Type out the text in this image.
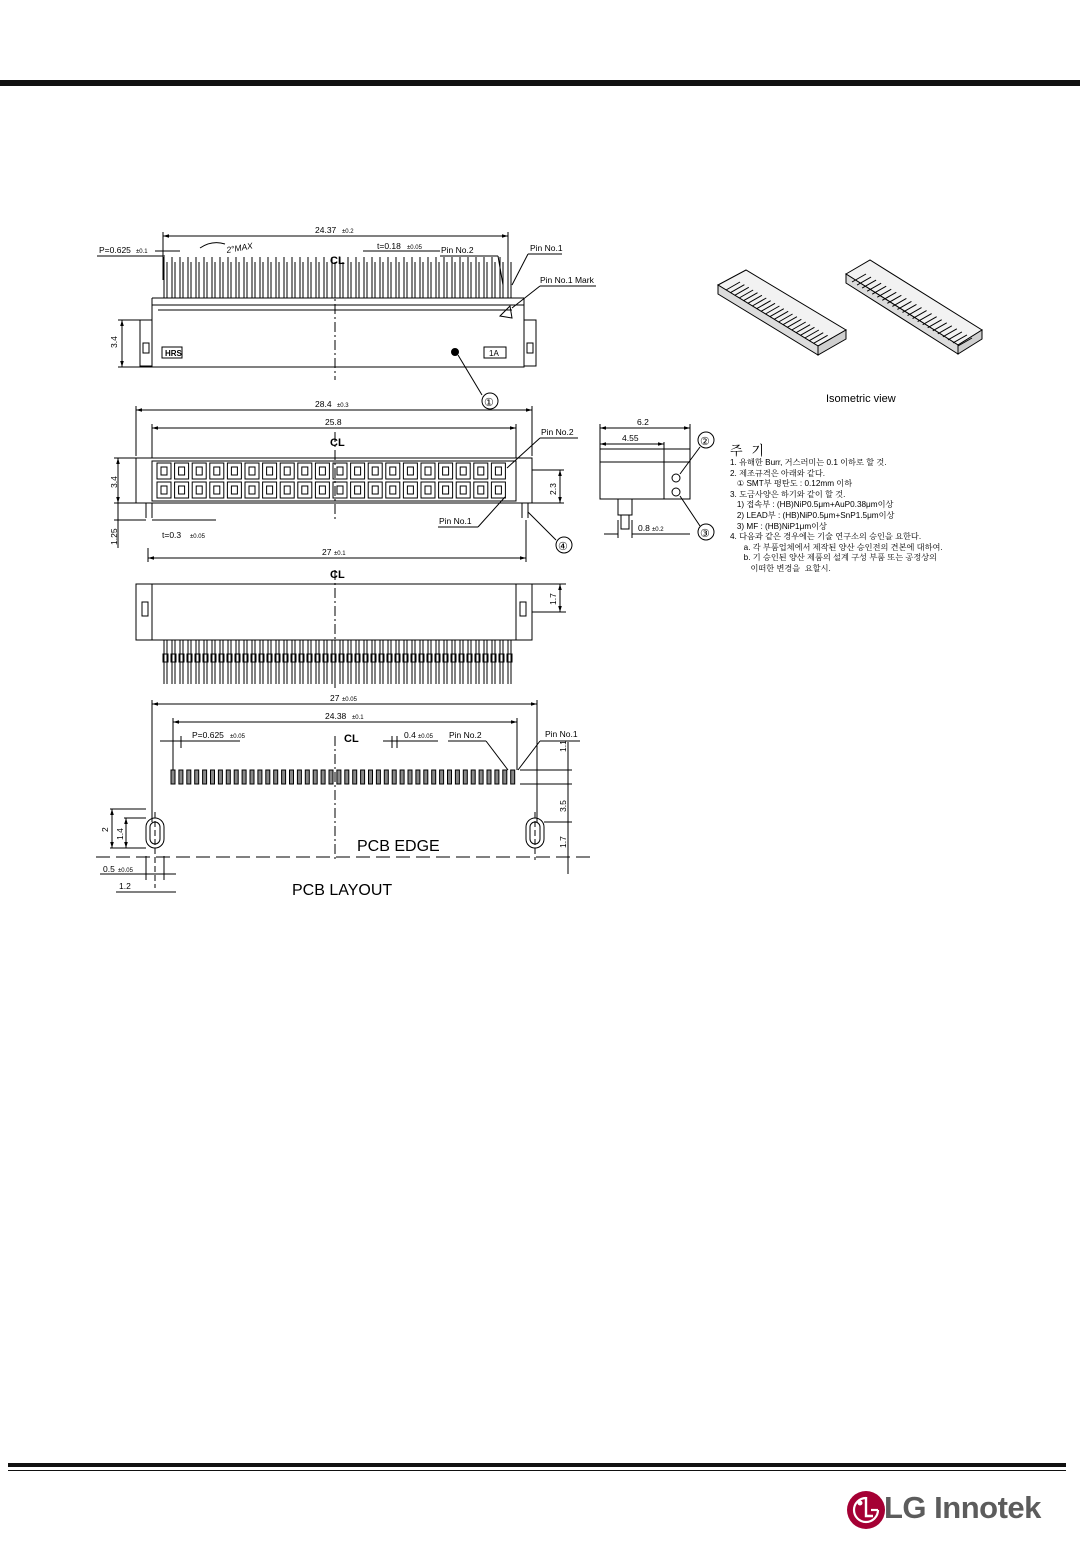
P=0.625 ±0.1
24.37 ±0.2
2°MAX	t=0.18 ±0.05 Pin No.2	Pin No.1
Pin No.1 Mark
3.4
HRS	1A
CL
①
28.4 ±0.3
25.8
CL
Pin No.2
Pin No.1
3.4
2.3
1.25	t=0.3 ±0.05
27 ±0.1
④
6.2
4.55
0.8 ±0.2
②
③
CL
1.7
27 ±0.05
24.38 ±0.1
P=0.625 ±0.05	0.4 ±0.05 Pin No.2	Pin No.1
CL
1.1
3.5
1.7
2 1.4
0.5 ±0.05
1.2
PCB EDGE
PCB LAYOUT
Isometric view
주기
1. 유해한 Burr, 거스러미는 0.1 이하로 할 것.
2. 제조규격은 아래와 같다.
① SMT부 평탄도 : 0.12mm 이하
3. 도금사양은 하기와 같이 할 것.
1) 접속부 : (HB)NiP0.5μm+AuP0.38μm이상
2) LEAD부 : (HB)NiP0.5μm+SnP1.5μm이상
3) MF : (HB)NiP1μm이상
4. 다음과 같은 경우에는 기술 연구소의 승인을 요한다.
a. 각 부품업체에서 제작된 양산 승인전의 견본에 대하여.
b. 기 승인된 양산 제품의 설계 구성 부품 또는 공정상의
이떠한 변경을  요할시.
LG Innotek
